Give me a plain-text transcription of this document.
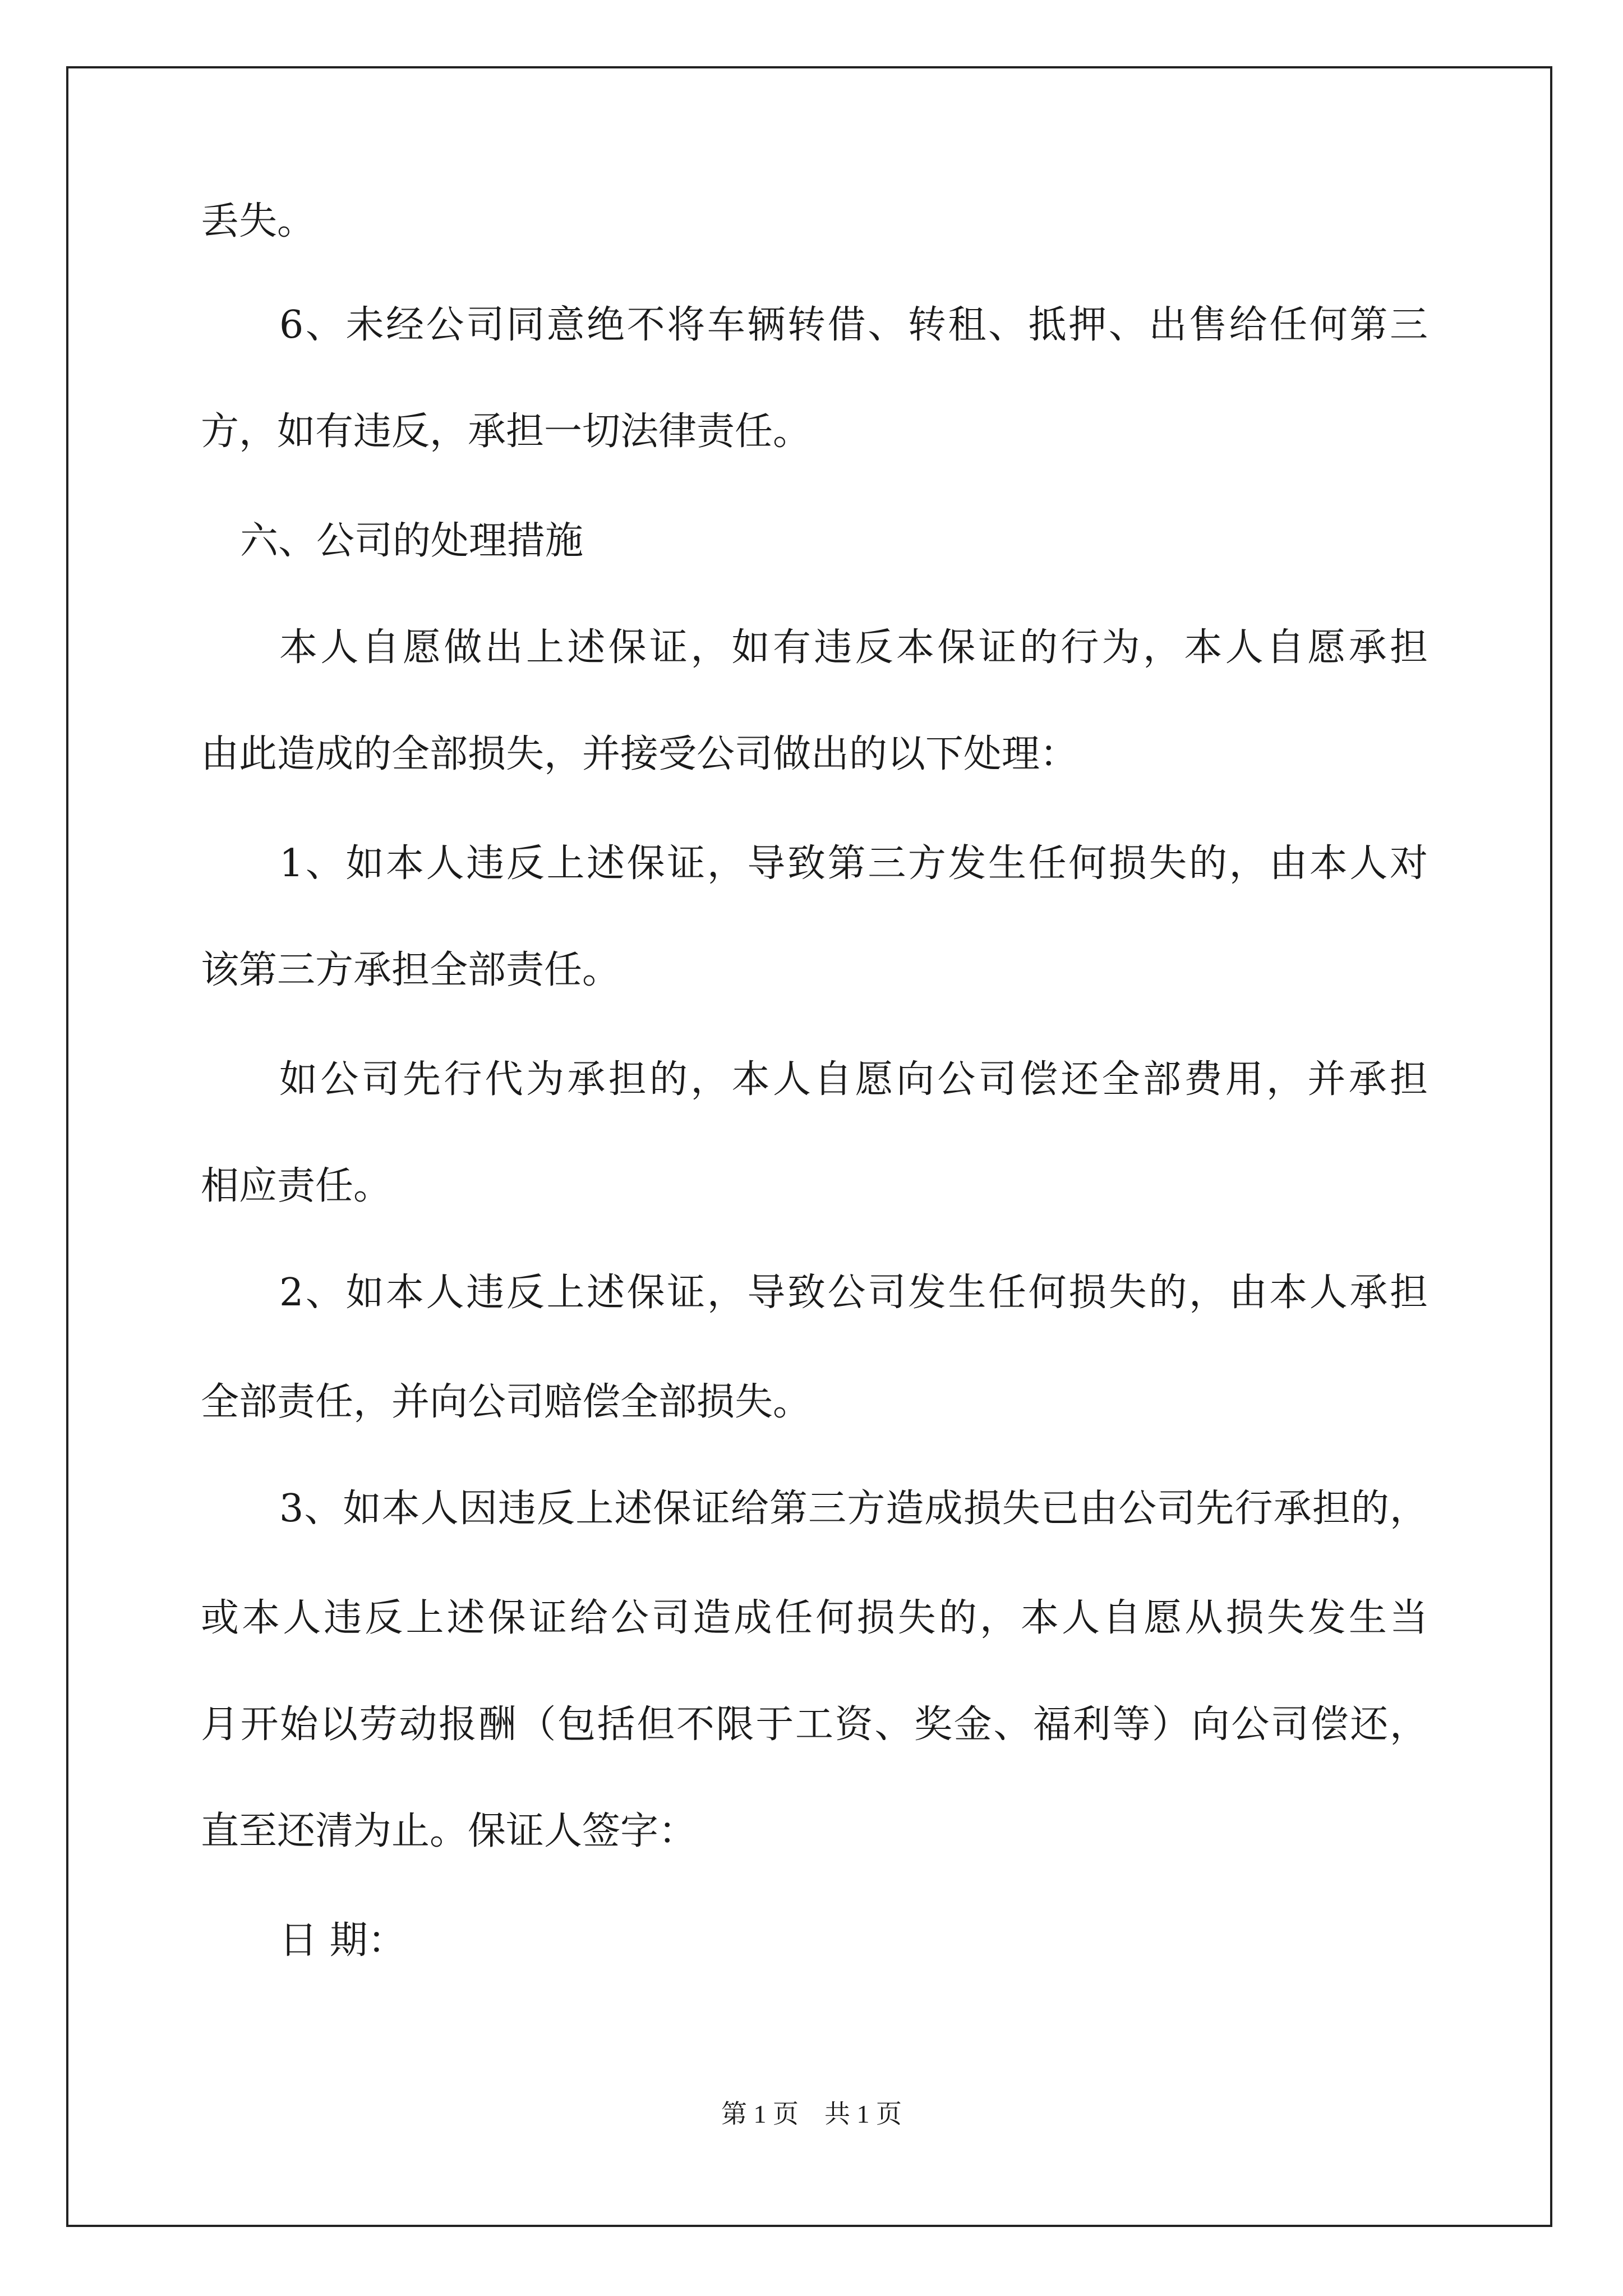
丢失。
6、未经公司同意绝不将车辆转借、转租、抵押、出售给任何第三
方，如有违反，承担一切法律责任。
六、公司的处理措施
本人自愿做出上述保证，如有违反本保证的行为，本人自愿承担
由此造成的全部损失，并接受公司做出的以下处理：
1、如本人违反上述保证，导致第三方发生任何损失的，由本人对
该第三方承担全部责任。
如公司先行代为承担的，本人自愿向公司偿还全部费用，并承担
相应责任。
2、如本人违反上述保证，导致公司发生任何损失的，由本人承担
全部责任，并向公司赔偿全部损失。
3、如本人因违反上述保证给第三方造成损失已由公司先行承担的，
或本人违反上述保证给公司造成任何损失的，本人自愿从损失发生当
月开始以劳动报酬（包括但不限于工资、奖金、福利等）向公司偿还，
直至还清为止。保证人签字：
日 期：
第 1 页　共 1 页
